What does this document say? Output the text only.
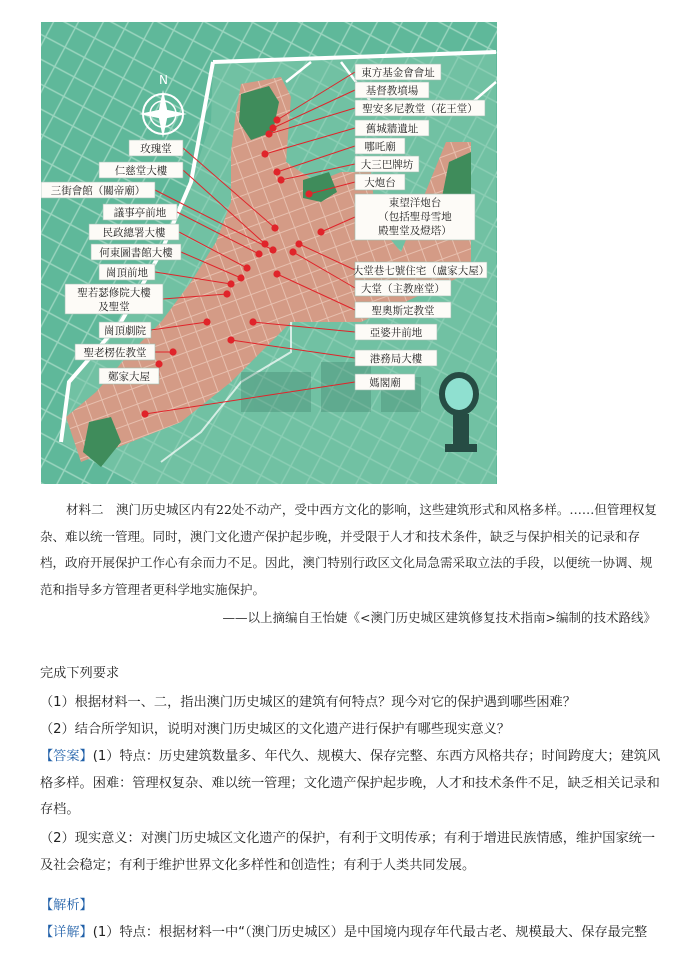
N	東方基金會會址
基督教墳場
聖安多尼教堂（花王堂）
舊城牆遺址
哪吒廟
大三巴牌坊
大炮台
東望洋炮台
（包括聖母雪地
殿聖堂及燈塔）
大堂巷七號住宅（盧家大屋）
大堂（主教座堂）
聖奧斯定教堂
亞婆井前地
港務局大樓
媽閣廟
玫瑰堂
仁慈堂大樓
三街會館（關帝廟）
議事亭前地
民政總署大樓
何東圖書館大樓
崗頂前地
聖若瑟修院大樓
及聖堂
崗頂劇院
聖老楞佐教堂
鄭家大屋

材料二　澳门历史城区内有22处不动产，受中西方文化的影响，这些建筑形式和风格多样。……但管理权复杂、难以统一管理。同时，澳门文化遗产保护起步晚，并受限于人才和技术条件，缺乏与保护相关的记录和存档，政府开展保护工作心有余而力不足。因此，澳门特别行政区文化局急需采取立法的手段，以便统一协调、规范和指导多方管理者更科学地实施保护。

——以上摘编自王怡婕《<澳门历史城区建筑修复技术指南>编制的技术路线》

完成下列要求
（1）根据材料一、二，指出澳门历史城区的建筑有何特点？现今对它的保护遇到哪些困难？
（2）结合所学知识，说明对澳门历史城区的文化遗产进行保护有哪些现实意义？
【答案】(1）特点：历史建筑数量多、年代久、规模大、保存完整、东西方风格共存；时间跨度大；建筑风格多样。困难：管理权复杂、难以统一管理；文化遗产保护起步晚，人才和技术条件不足，缺乏相关记录和存档。
（2）现实意义：对澳门历史城区文化遗产的保护，有利于文明传承；有利于增进民族情感，维护国家统一及社会稳定；有利于维护世界文化多样性和创造性；有利于人类共同发展。
【解析】
【详解】(1）特点：根据材料一中“（澳门历史城区）是中国境内现存年代最古老、规模最大、保存最完整
